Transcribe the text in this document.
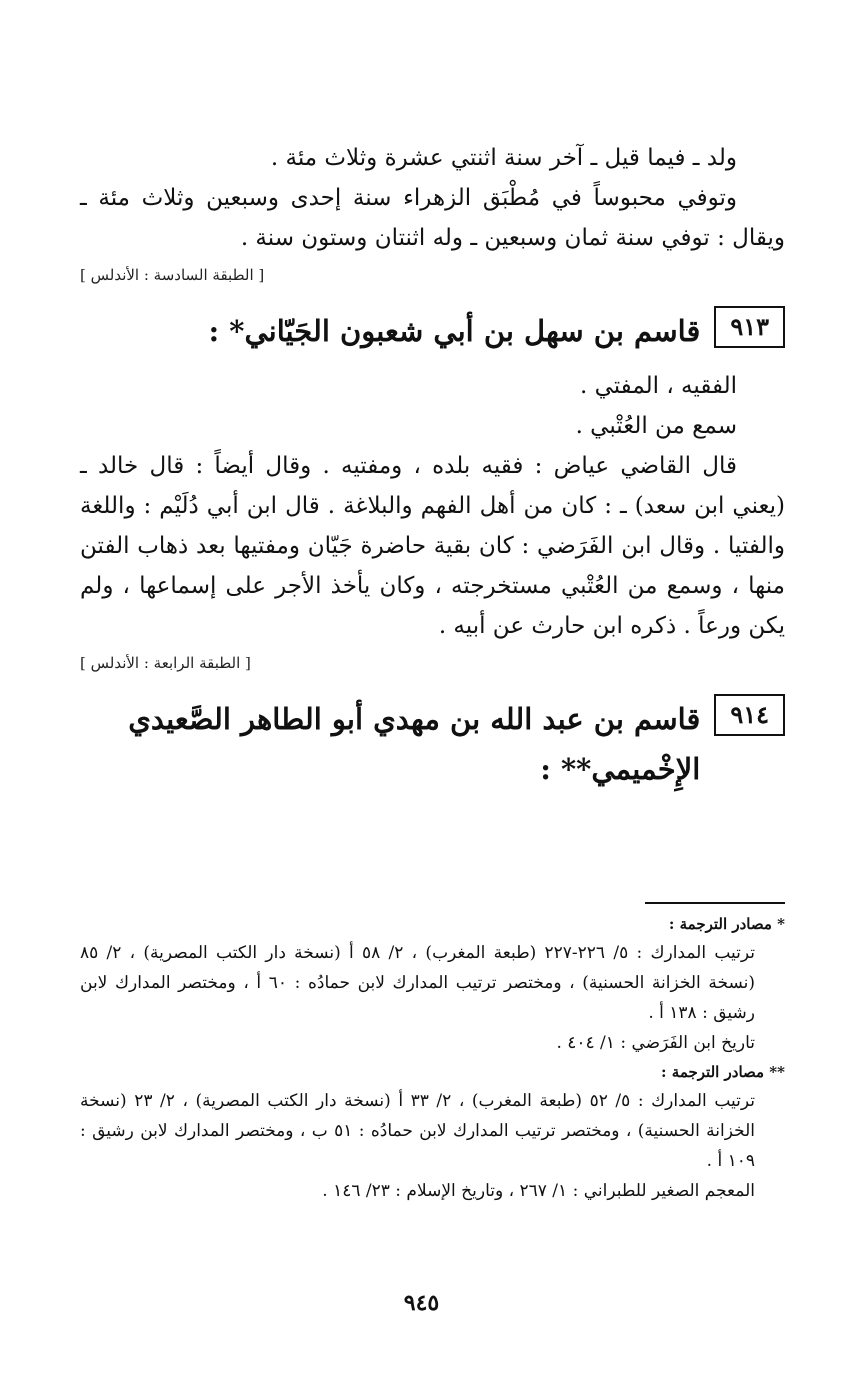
ولد ـ فيما قيل ـ آخر سنة اثنتي عشرة وثلاث مئة .

وتوفي محبوساً في مُطْبَق الزهراء سنة إحدى وسبعين وثلاث مئة ـ ويقال : توفي سنة ثمان وسبعين ـ وله اثنتان وستون سنة .

[ الطبقة السادسة : الأندلس ]
٩١٣
قاسم بن سهل بن أبي شعبون الجَيّاني* :

الفقيه ، المفتي .

سمع من العُتْبي .

قال القاضي عياض : فقيه بلده ، ومفتيه . وقال أيضاً : قال خالد ـ (يعني ابن سعد) ـ : كان من أهل الفهم والبلاغة . قال ابن أبي دُلَيْم : واللغة والفتيا . وقال ابن الفَرَضي : كان بقية حاضرة جَيّان ومفتيها بعد ذهاب الفتن منها ، وسمع من العُتْبي مستخرجته ، وكان يأخذ الأجر على إسماعها ، ولم يكن ورعاً . ذكره ابن حارث عن أبيه .

[ الطبقة الرابعة : الأندلس ]
٩١٤
قاسم بن عبد الله بن مهدي أبو الطاهر الصَّعيدي الإِخْميمي** :
* مصادر الترجمة :

ترتيب المدارك : ٥/ ٢٢٦-٢٢٧ (طبعة المغرب) ، ٢/ ٥٨ أ (نسخة دار الكتب المصرية) ، ٢/ ٨٥ (نسخة الخزانة الحسنية) ، ومختصر ترتيب المدارك لابن حمادُه : ٦٠ أ ، ومختصر المدارك لابن رشيق : ١٣٨ أ .

تاريخ ابن الفَرَضي : ١/ ٤٠٤ .

** مصادر الترجمة :

ترتيب المدارك : ٥/ ٥٢ (طبعة المغرب) ، ٢/ ٣٣ أ (نسخة دار الكتب المصرية) ، ٢/ ٢٣ (نسخة الخزانة الحسنية) ، ومختصر ترتيب المدارك لابن حمادُه : ٥١ ب ، ومختصر المدارك لابن رشيق : ١٠٩ أ .

المعجم الصغير للطبراني : ١/ ٢٦٧ ، وتاريخ الإسلام : ٢٣/ ١٤٦ .

٩٤٥
